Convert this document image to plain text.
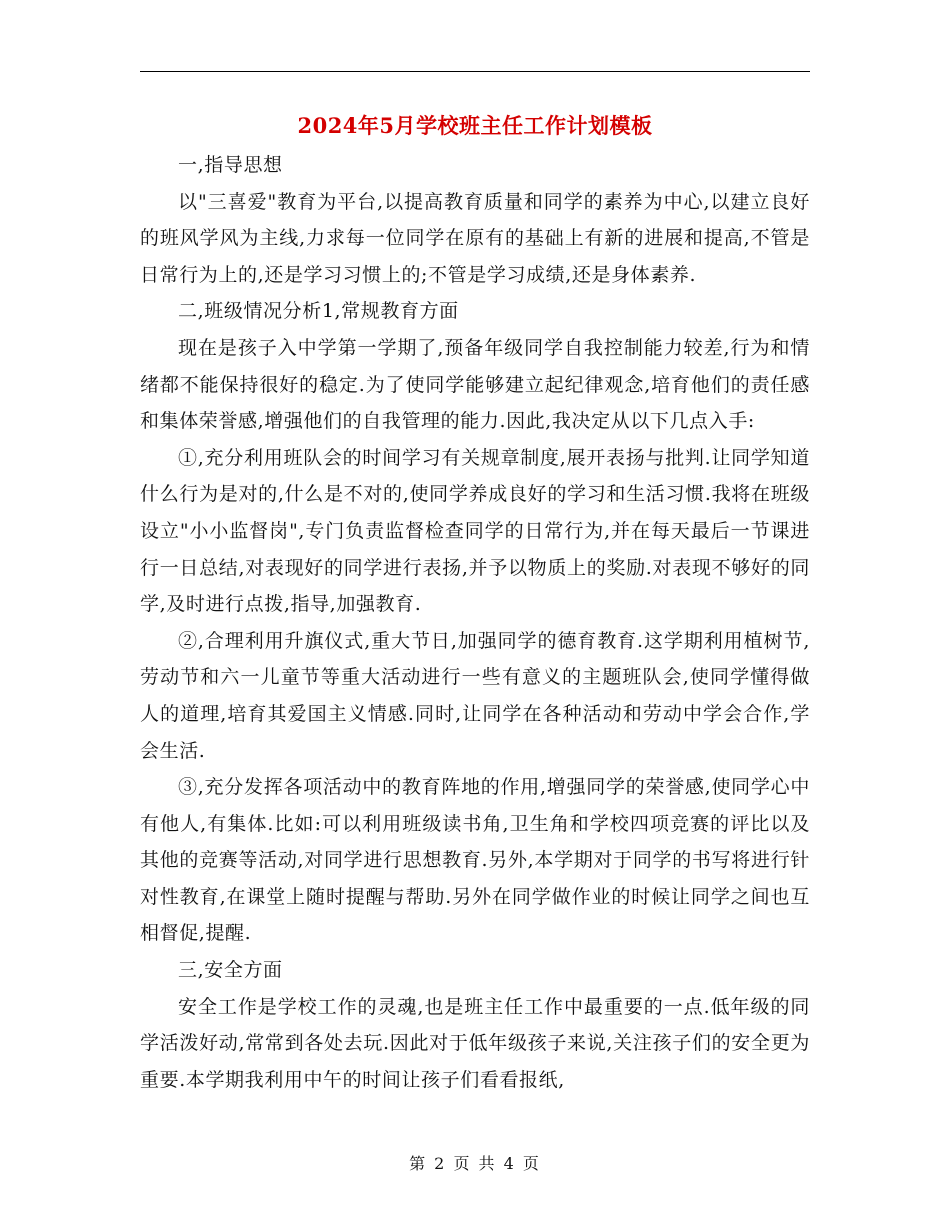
2024年5月学校班主任工作计划模板

一,指导思想

以"三喜爱"教育为平台,以提高教育质量和同学的素养为中心,以建立良好的班风学风为主线,力求每一位同学在原有的基础上有新的进展和提高,不管是日常行为上的,还是学习习惯上的;不管是学习成绩,还是身体素养.

二,班级情况分析1,常规教育方面

现在是孩子入中学第一学期了,预备年级同学自我控制能力较差,行为和情绪都不能保持很好的稳定.为了使同学能够建立起纪律观念,培育他们的责任感和集体荣誉感,增强他们的自我管理的能力.因此,我决定从以下几点入手:

①,充分利用班队会的时间学习有关规章制度,展开表扬与批判.让同学知道什么行为是对的,什么是不对的,使同学养成良好的学习和生活习惯.我将在班级设立"小小监督岗",专门负责监督检查同学的日常行为,并在每天最后一节课进行一日总结,对表现好的同学进行表扬,并予以物质上的奖励.对表现不够好的同学,及时进行点拨,指导,加强教育.

②,合理利用升旗仪式,重大节日,加强同学的德育教育.这学期利用植树节,劳动节和六一儿童节等重大活动进行一些有意义的主题班队会,使同学懂得做人的道理,培育其爱国主义情感.同时,让同学在各种活动和劳动中学会合作,学会生活.

③,充分发挥各项活动中的教育阵地的作用,增强同学的荣誉感,使同学心中有他人,有集体.比如:可以利用班级读书角,卫生角和学校四项竞赛的评比以及其他的竞赛等活动,对同学进行思想教育.另外,本学期对于同学的书写将进行针对性教育,在课堂上随时提醒与帮助.另外在同学做作业的时候让同学之间也互相督促,提醒.

三,安全方面

安全工作是学校工作的灵魂,也是班主任工作中最重要的一点.低年级的同学活泼好动,常常到各处去玩.因此对于低年级孩子来说,关注孩子们的安全更为重要.本学期我利用中午的时间让孩子们看看报纸,

第 2 页 共 4 页
